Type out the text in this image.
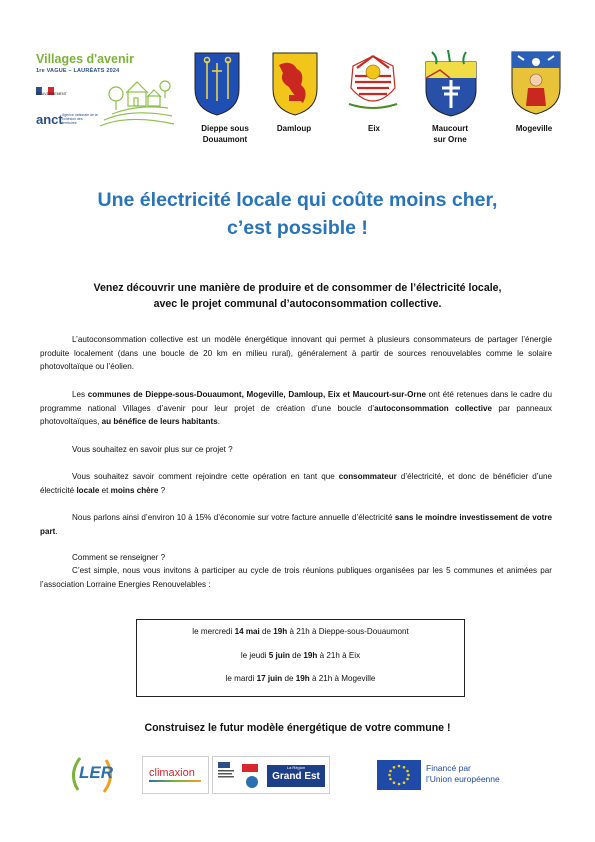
Villages d'avenir
1re VAGUE – LAURÉATS 2024
GOUVERNEMENT
anct Agence nationale de la cohésion des territoires
Dieppe sous
Douaumont
Damloup	Eix	Maucourt
sur Orne
Mogeville
Une électricité locale qui coûte moins cher,
c’est possible !
Venez découvrir une manière de produire et de consommer de l’électricité locale,
avec le projet communal d’autoconsommation collective.
L’autoconsommation collective est un modèle énergétique innovant qui permet à plusieurs consommateurs de partager l’énergie produite localement (dans une boucle de 20 km en milieu rural), généralement à partir de sources renouvelables comme le solaire photovoltaïque ou l’éolien.
Les communes de Dieppe-sous-Douaumont, Mogeville, Damloup, Eix et Maucourt-sur-Orne ont été retenues dans le cadre du programme national Villages d’avenir pour leur projet de création d’une boucle d’autoconsommation collective par panneaux photovoltaïques, au bénéfice de leurs habitants.
Vous souhaitez en savoir plus sur ce projet ?
Vous souhaitez savoir comment rejoindre cette opération en tant que consommateur d’électricité, et donc de bénéficier d’une électricité locale et moins chère ?
Nous parlons ainsi d’environ 10 à 15% d’économie sur votre facture annuelle d’électricité sans le moindre investissement de votre part.
Comment se renseigner ?
C’est simple, nous vous invitons à participer au cycle de trois réunions publiques organisées par les 5 communes et animées par l’association Lorraine Energies Renouvelables :

le mercredi 14 mai de 19h à 21h à Dieppe-sous-Douaumont

le jeudi 5 juin de 19h à 21h à Eix

le mardi 17 juin de 19h à 21h à Mogeville

Construisez le futur modèle énergétique de votre commune !
LER	climaxion	La Région
Grand Est
Financé par
l’Union européenne
